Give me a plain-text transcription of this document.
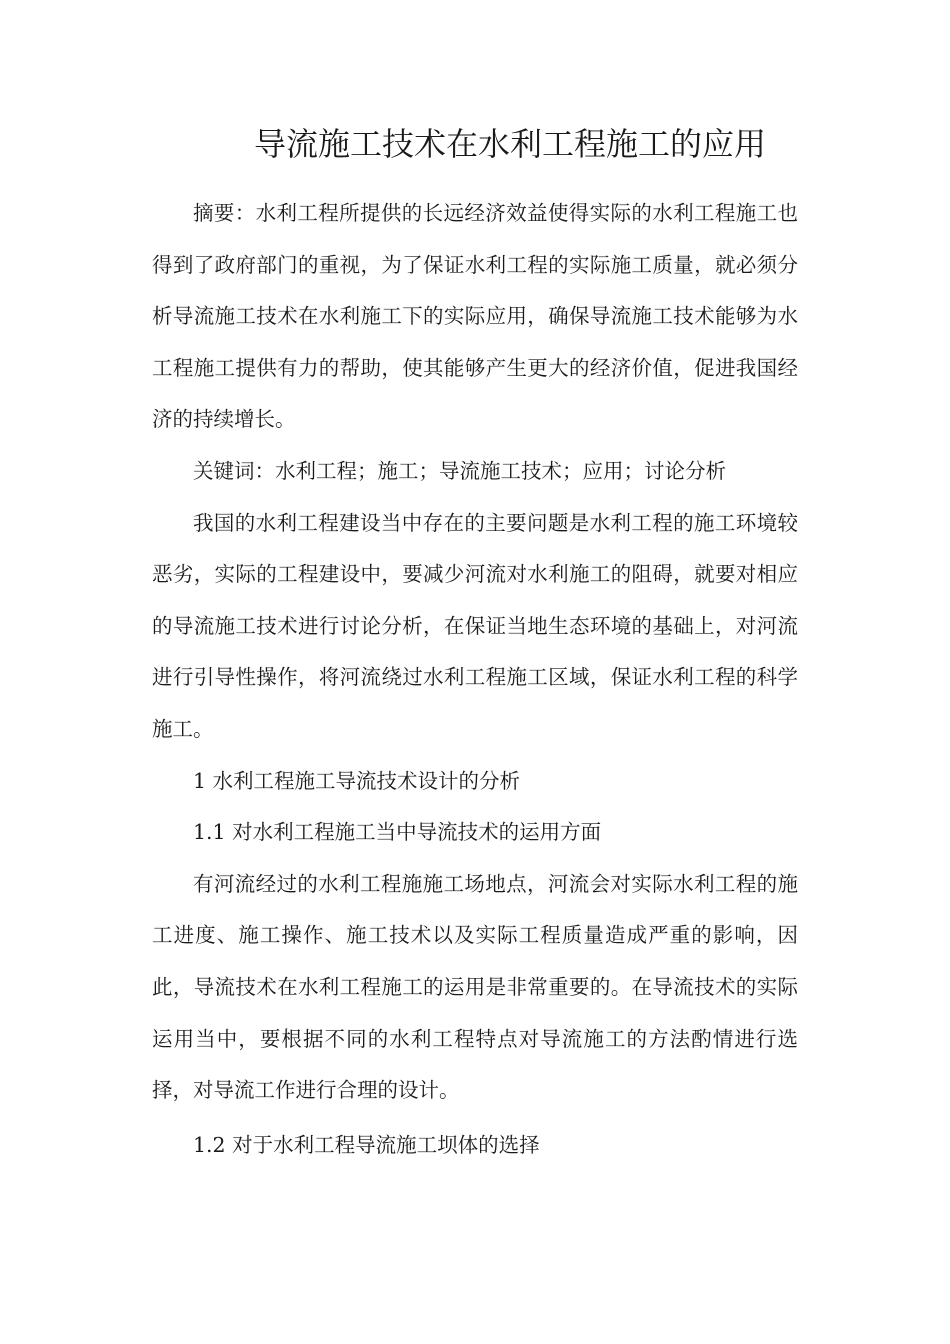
导流施工技术在水利工程施工的应用

摘要：水利工程所提供的长远经济效益使得实际的水利工程施工也得到了政府部门的重视，为了保证水利工程的实际施工质量，就必须分析导流施工技术在水利施工下的实际应用，确保导流施工技术能够为水工程施工提供有力的帮助，使其能够产生更大的经济价值，促进我国经济的持续增长。

关键词：水利工程；施工；导流施工技术；应用；讨论分析

我国的水利工程建设当中存在的主要问题是水利工程的施工环境较恶劣，实际的工程建设中，要减少河流对水利施工的阻碍，就要对相应的导流施工技术进行讨论分析，在保证当地生态环境的基础上，对河流进行引导性操作，将河流绕过水利工程施工区域，保证水利工程的科学施工。

1 水利工程施工导流技术设计的分析

1.1 对水利工程施工当中导流技术的运用方面

有河流经过的水利工程施施工场地点，河流会对实际水利工程的施工进度、施工操作、施工技术以及实际工程质量造成严重的影响，因此，导流技术在水利工程施工的运用是非常重要的。在导流技术的实际运用当中，要根据不同的水利工程特点对导流施工的方法酌情进行选择，对导流工作进行合理的设计。

1.2 对于水利工程导流施工坝体的选择
